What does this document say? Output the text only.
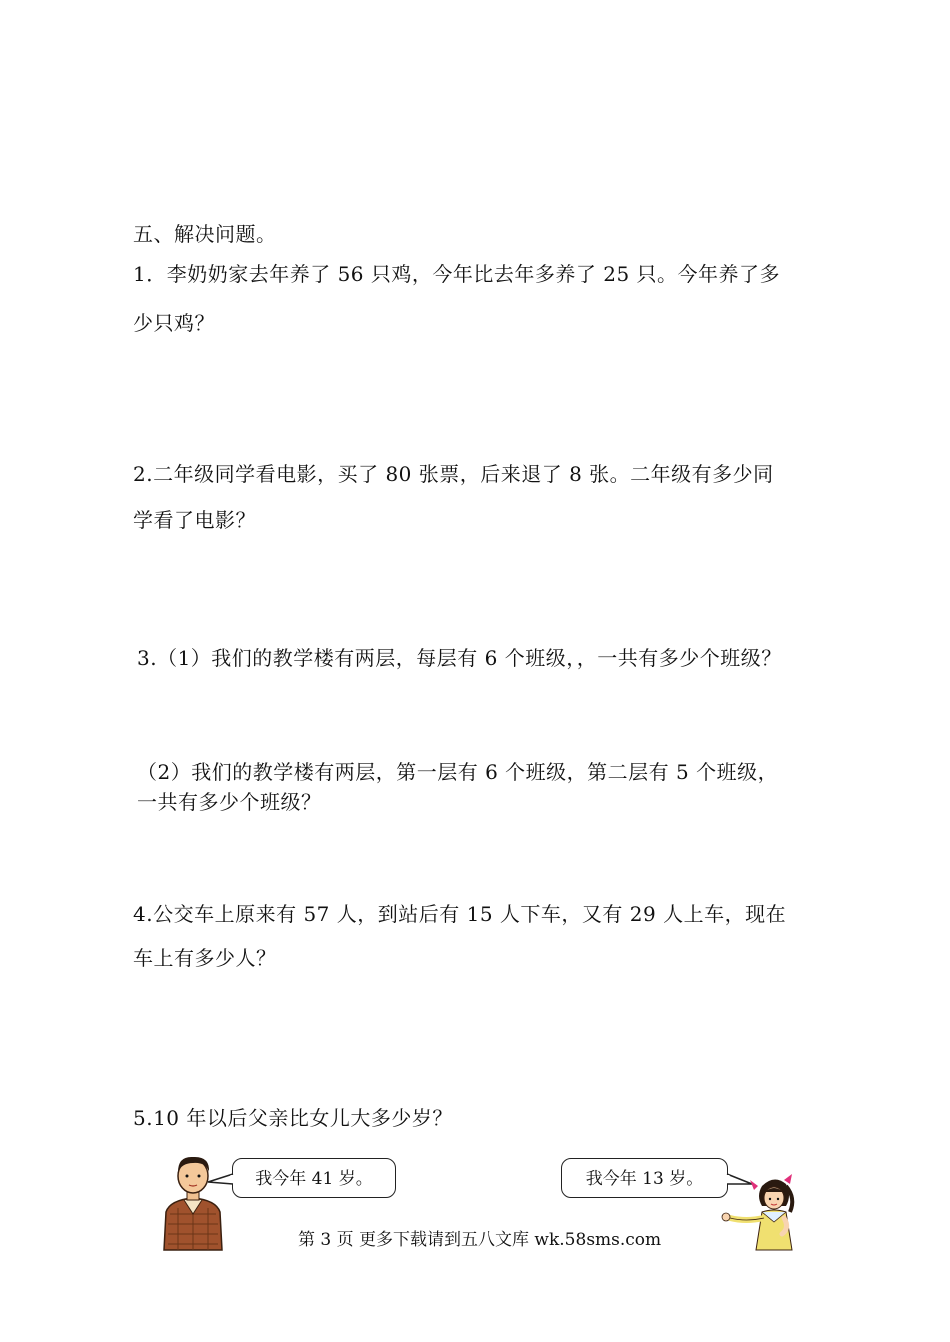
五、解决问题。
1．李奶奶家去年养了 56 只鸡，今年比去年多养了 25 只。今年养了多
少只鸡？
2.二年级同学看电影，买了 80 张票，后来退了 8 张。二年级有多少同
学看了电影？
3.（1）我们的教学楼有两层，每层有 6 个班级，，一共有多少个班级？
（2）我们的教学楼有两层，第一层有 6 个班级，第二层有 5 个班级，
一共有多少个班级？
4.公交车上原来有 57 人，到站后有 15 人下车，又有 29 人上车，现在
车上有多少人？
5.10 年以后父亲比女儿大多少岁？
我今年 41 岁。	我今年 13 岁。
第 3 页 更多下载请到五八文库 wk.58sms.com
